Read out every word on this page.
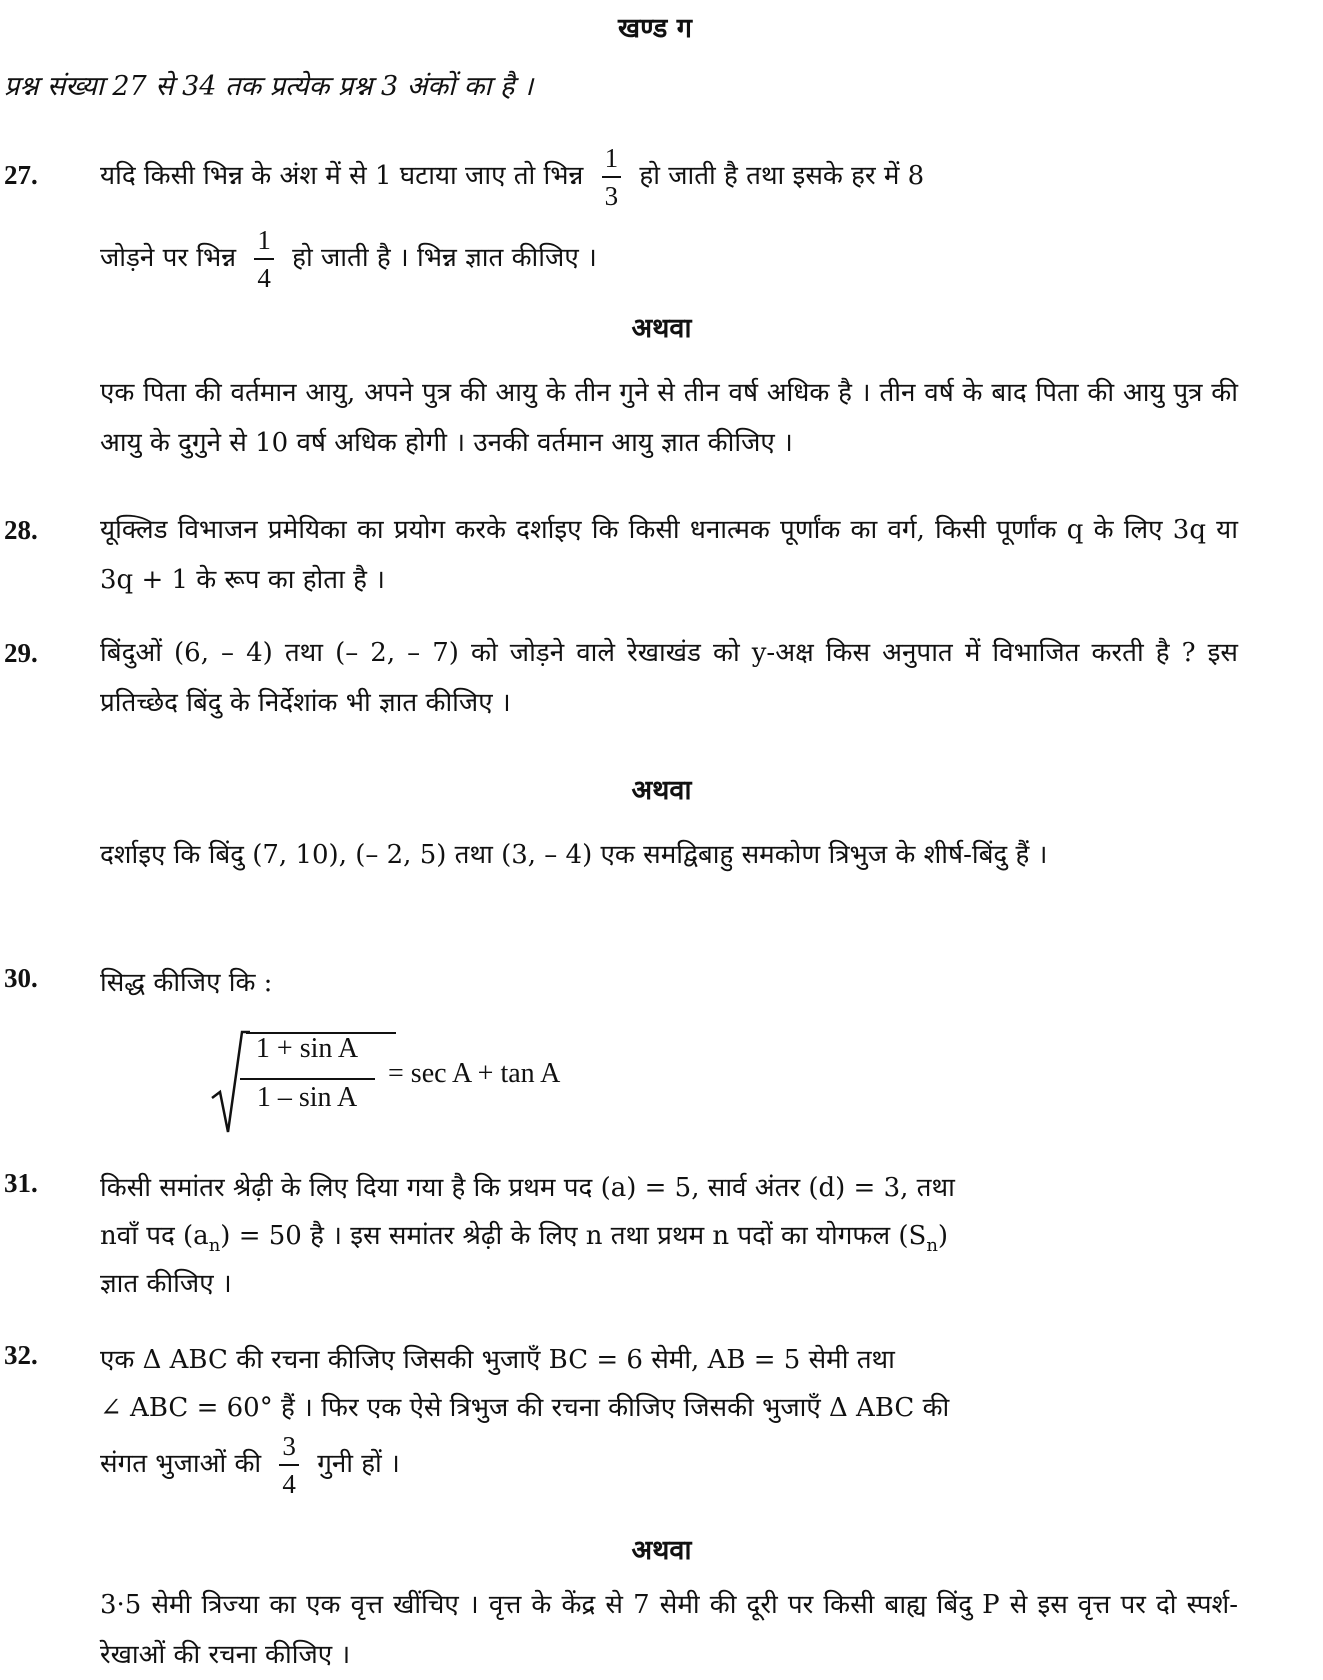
खण्ड ग
प्रश्न संख्या 27 से 34 तक प्रत्येक प्रश्न 3 अंकों का है ।
27. यदि किसी भिन्न के अंश में से 1 घटाया जाए तो भिन्न $\frac{1}{3}$ हो जाती है तथा इसके हर में 8
जोड़ने पर भिन्न $\frac{1}{4}$ हो जाती है । भिन्न ज्ञात कीजिए ।
अथवा
एक पिता की वर्तमान आयु, अपने पुत्र की आयु के तीन गुने से तीन वर्ष अधिक है । तीन वर्ष के बाद पिता की आयु पुत्र की आयु के दुगुने से 10 वर्ष अधिक होगी । उनकी वर्तमान आयु ज्ञात कीजिए ।
28. यूक्लिड विभाजन प्रमेयिका का प्रयोग करके दर्शाइए कि किसी धनात्मक पूर्णांक का वर्ग, किसी पूर्णांक q के लिए 3q या 3q + 1 के रूप का होता है ।
29. बिंदुओं (6, – 4) तथा (– 2, – 7) को जोड़ने वाले रेखाखंड को y-अक्ष किस अनुपात में विभाजित करती है ? इस प्रतिच्छेद बिंदु के निर्देशांक भी ज्ञात कीजिए ।
अथवा
दर्शाइए कि बिंदु (7, 10), (– 2, 5) तथा (3, – 4) एक समद्विबाहु समकोण त्रिभुज के शीर्ष-बिंदु हैं ।
30. सिद्ध कीजिए कि :
1 + sin A
1 – sin A
= sec A + tan A
31. किसी समांतर श्रेढ़ी के लिए दिया गया है कि प्रथम पद (a) = 5, सार्व अंतर (d) = 3, तथा
nवाँ पद $(a_n) = 50$ है । इस समांतर श्रेढ़ी के लिए n तथा प्रथम n पदों का योगफल $(S_n)$
ज्ञात कीजिए ।
32. एक Δ ABC की रचना कीजिए जिसकी भुजाएँ BC = 6 सेमी, AB = 5 सेमी तथा
∠ ABC = 60° हैं । फिर एक ऐसे त्रिभुज की रचना कीजिए जिसकी भुजाएँ Δ ABC की
संगत भुजाओं की $\frac{3}{4}$ गुनी हों ।
अथवा
3·5 सेमी त्रिज्या का एक वृत्त खींचिए । वृत्त के केंद्र से 7 सेमी की दूरी पर किसी बाह्य बिंदु P से इस वृत्त पर दो स्पर्श-रेखाओं की रचना कीजिए ।
